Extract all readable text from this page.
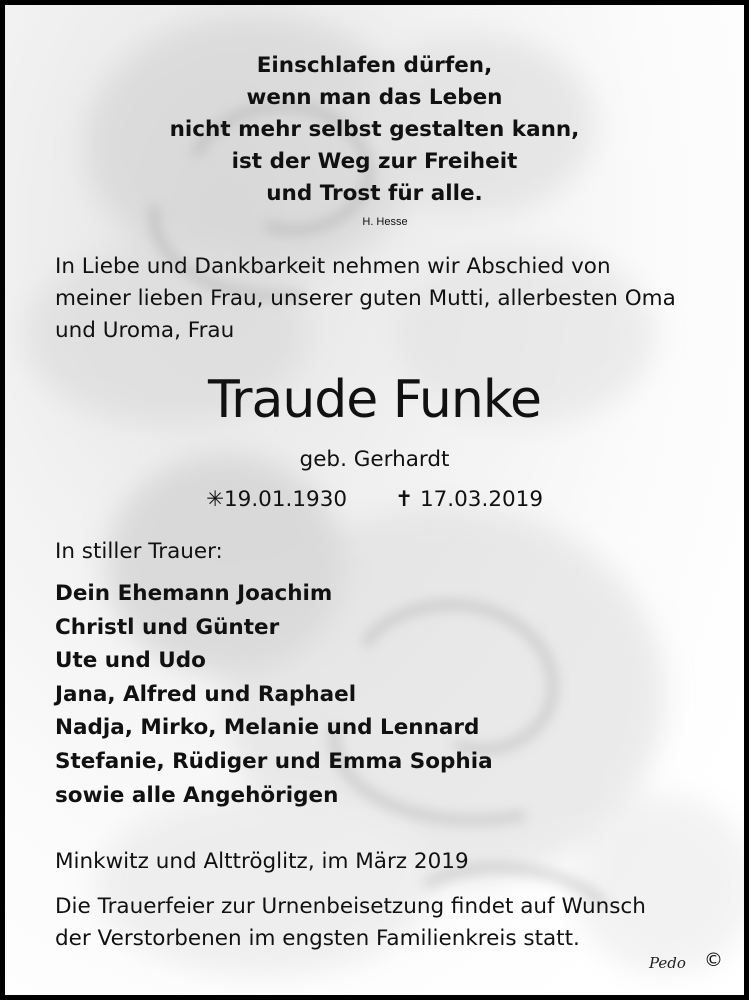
Einschlafen dürfen,
wenn man das Leben
nicht mehr selbst gestalten kann,
ist der Weg zur Freiheit
und Trost für alle.
H. Hesse
In Liebe und Dankbarkeit nehmen wir Abschied von
meiner lieben Frau, unserer guten Mutti, allerbesten Oma
und Uroma, Frau
Traude Funke
geb. Gerhardt
✳19.01.1930 ✝ 17.03.2019
In stiller Trauer:
Dein Ehemann Joachim
Christl und Günter
Ute und Udo
Jana, Alfred und Raphael
Nadja, Mirko, Melanie und Lennard
Stefanie, Rüdiger und Emma Sophia
sowie alle Angehörigen
Minkwitz und Alttröglitz, im März 2019
Die Trauerfeier zur Urnenbeisetzung findet auf Wunsch
der Verstorbenen im engsten Familienkreis statt.
Pedo ©
